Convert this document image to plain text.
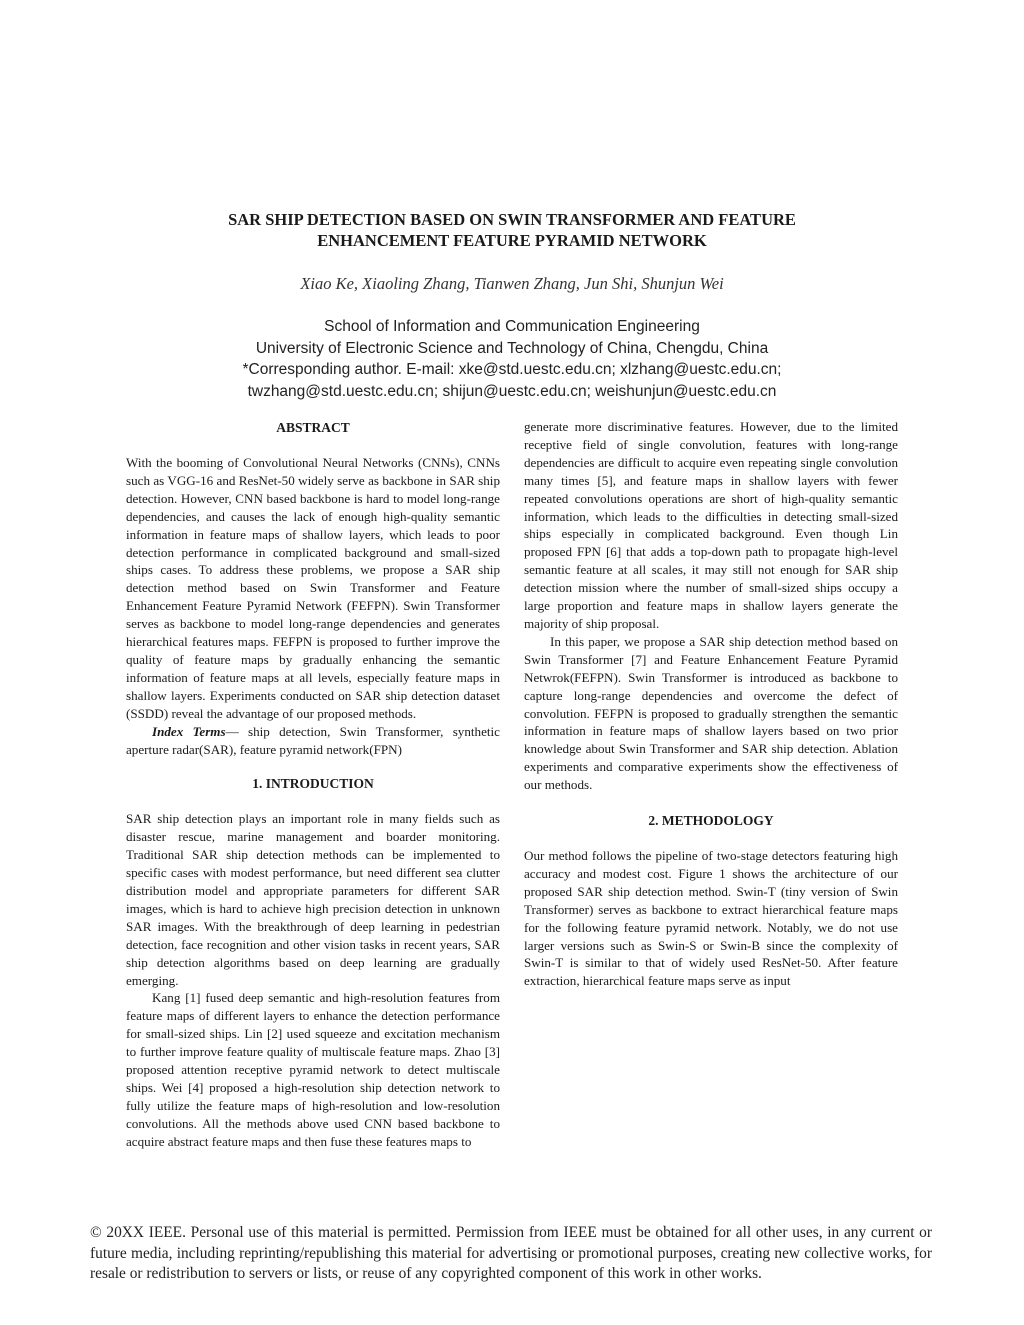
SAR SHIP DETECTION BASED ON SWIN TRANSFORMER AND FEATURE
ENHANCEMENT FEATURE PYRAMID NETWORK
Xiao Ke, Xiaoling Zhang, Tianwen Zhang, Jun Shi, Shunjun Wei
School of Information and Communication Engineering
University of Electronic Science and Technology of China, Chengdu, China
*Corresponding author. E-mail: xke@std.uestc.edu.cn; xlzhang@uestc.edu.cn;
twzhang@std.uestc.edu.cn; shijun@uestc.edu.cn; weishunjun@uestc.edu.cn
ABSTRACT

With the booming of Convolutional Neural Networks (CNNs), CNNs such as VGG-16 and ResNet-50 widely serve as backbone in SAR ship detection. However, CNN based backbone is hard to model long-range dependencies, and causes the lack of enough high-quality semantic information in feature maps of shallow layers, which leads to poor detection performance in complicated background and small-sized ships cases. To address these problems, we propose a SAR ship detection method based on Swin Transformer and Feature Enhancement Feature Pyramid Network (FEFPN). Swin Transformer serves as backbone to model long-range dependencies and generates hierarchical features maps. FEFPN is proposed to further improve the quality of feature maps by gradually enhancing the semantic information of feature maps at all levels, especially feature maps in shallow layers. Experiments conducted on SAR ship detection dataset (SSDD) reveal the advantage of our proposed methods.

Index Terms— ship detection, Swin Transformer, synthetic aperture radar(SAR), feature pyramid network(FPN)

1. INTRODUCTION

SAR ship detection plays an important role in many fields such as disaster rescue, marine management and boarder monitoring. Traditional SAR ship detection methods can be implemented to specific cases with modest performance, but need different sea clutter distribution model and appropriate parameters for different SAR images, which is hard to achieve high precision detection in unknown SAR images. With the breakthrough of deep learning in pedestrian detection, face recognition and other vision tasks in recent years, SAR ship detection algorithms based on deep learning are gradually emerging.

Kang [1] fused deep semantic and high-resolution features from feature maps of different layers to enhance the detection performance for small-sized ships. Lin [2] used squeeze and excitation mechanism to further improve feature quality of multiscale feature maps. Zhao [3] proposed attention receptive pyramid network to detect multiscale ships. Wei [4] proposed a high-resolution ship detection network to fully utilize the feature maps of high-resolution and low-resolution convolutions. All the methods above used CNN based backbone to acquire abstract feature maps and then fuse these features maps to

generate more discriminative features. However, due to the limited receptive field of single convolution, features with long-range dependencies are difficult to acquire even repeating single convolution many times [5], and feature maps in shallow layers with fewer repeated convolutions operations are short of high-quality semantic information, which leads to the difficulties in detecting small-sized ships especially in complicated background. Even though Lin proposed FPN [6] that adds a top-down path to propagate high-level semantic feature at all scales, it may still not enough for SAR ship detection mission where the number of small-sized ships occupy a large proportion and feature maps in shallow layers generate the majority of ship proposal.

In this paper, we propose a SAR ship detection method based on Swin Transformer [7] and Feature Enhancement Feature Pyramid Netwrok(FEFPN). Swin Transformer is introduced as backbone to capture long-range dependencies and overcome the defect of convolution. FEFPN is proposed to gradually strengthen the semantic information in feature maps of shallow layers based on two prior knowledge about Swin Transformer and SAR ship detection. Ablation experiments and comparative experiments show the effectiveness of our methods.

2. METHODOLOGY

Our method follows the pipeline of two-stage detectors featuring high accuracy and modest cost. Figure 1 shows the architecture of our proposed SAR ship detection method. Swin-T (tiny version of Swin Transformer) serves as backbone to extract hierarchical feature maps for the following feature pyramid network. Notably, we do not use larger versions such as Swin-S or Swin-B since the complexity of Swin-T is similar to that of widely used ResNet-50. After feature extraction, hierarchical feature maps serve as input

© 20XX IEEE. Personal use of this material is permitted. Permission from IEEE must be obtained for all other uses, in any current or future media, including reprinting/republishing this material for advertising or promotional purposes, creating new collective works, for resale or redistribution to servers or lists, or reuse of any copyrighted component of this work in other works.
